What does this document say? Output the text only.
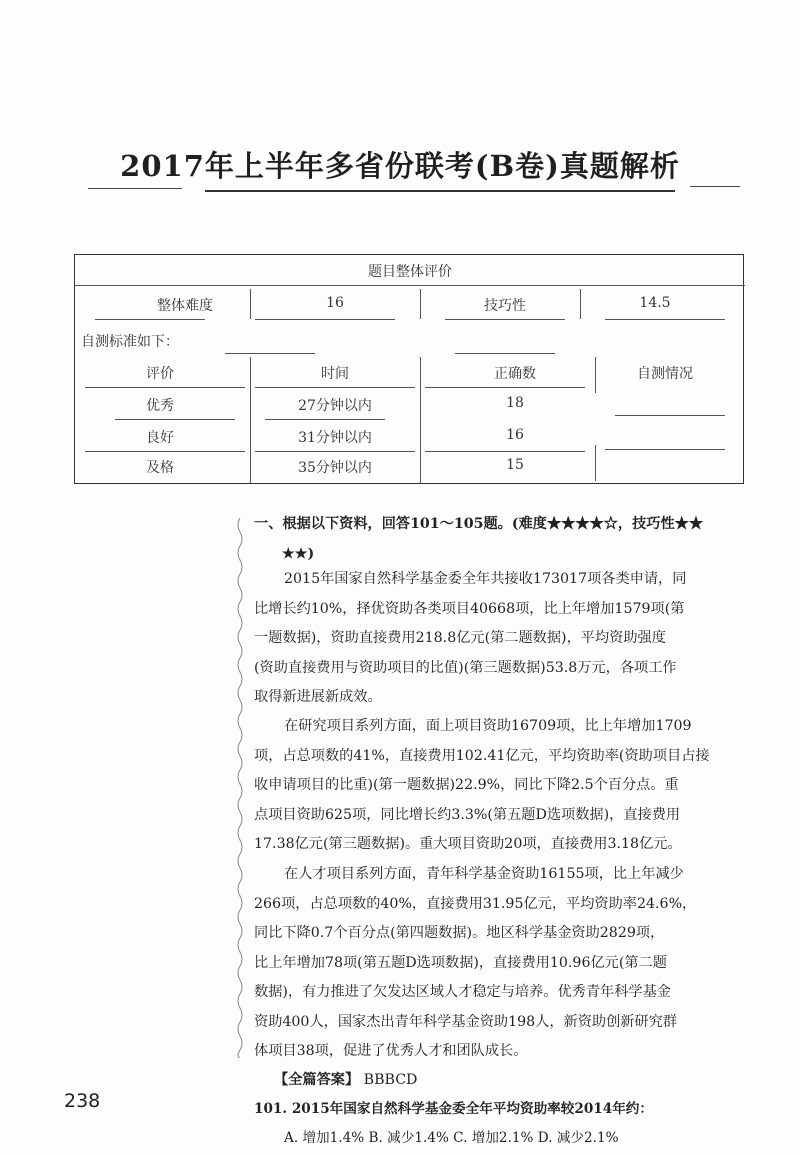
2017年上半年多省份联考(B卷)真题解析
题目整体评价
整体难度	16	技巧性	14.5
自测标准如下：
评价	时间	正确数	自测情况
优秀	27分钟以内	18
良好	31分钟以内	16
及格	35分钟以内	15
一、根据以下资料，回答101～105题。(难度★★★★☆，技巧性★★
★★)
2015年国家自然科学基金委全年共接收173017项各类申请，同
比增长约10%，择优资助各类项目40668项，比上年增加1579项(第
一题数据)，资助直接费用218.8亿元(第二题数据)，平均资助强度
(资助直接费用与资助项目的比值)(第三题数据)53.8万元，各项工作
取得新进展新成效。
在研究项目系列方面，面上项目资助16709项，比上年增加1709
项，占总项数的41%，直接费用102.41亿元，平均资助率(资助项目占接
收申请项目的比重)(第一题数据)22.9%，同比下降2.5个百分点。重
点项目资助625项，同比增长约3.3%(第五题D选项数据)，直接费用
17.38亿元(第三题数据)。重大项目资助20项，直接费用3.18亿元。
在人才项目系列方面，青年科学基金资助16155项，比上年减少
266项，占总项数的40%，直接费用31.95亿元，平均资助率24.6%，
同比下降0.7个百分点(第四题数据)。地区科学基金资助2829项，
比上年增加78项(第五题D选项数据)，直接费用10.96亿元(第二题
数据)，有力推进了欠发达区域人才稳定与培养。优秀青年科学基金
资助400人，国家杰出青年科学基金资助198人，新资助创新研究群
体项目38项，促进了优秀人才和团队成长。
【全篇答案】 BBBCD
101. 2015年国家自然科学基金委全年平均资助率较2014年约：
A. 增加1.4% B. 减少1.4% C. 增加2.1% D. 减少2.1%
238
